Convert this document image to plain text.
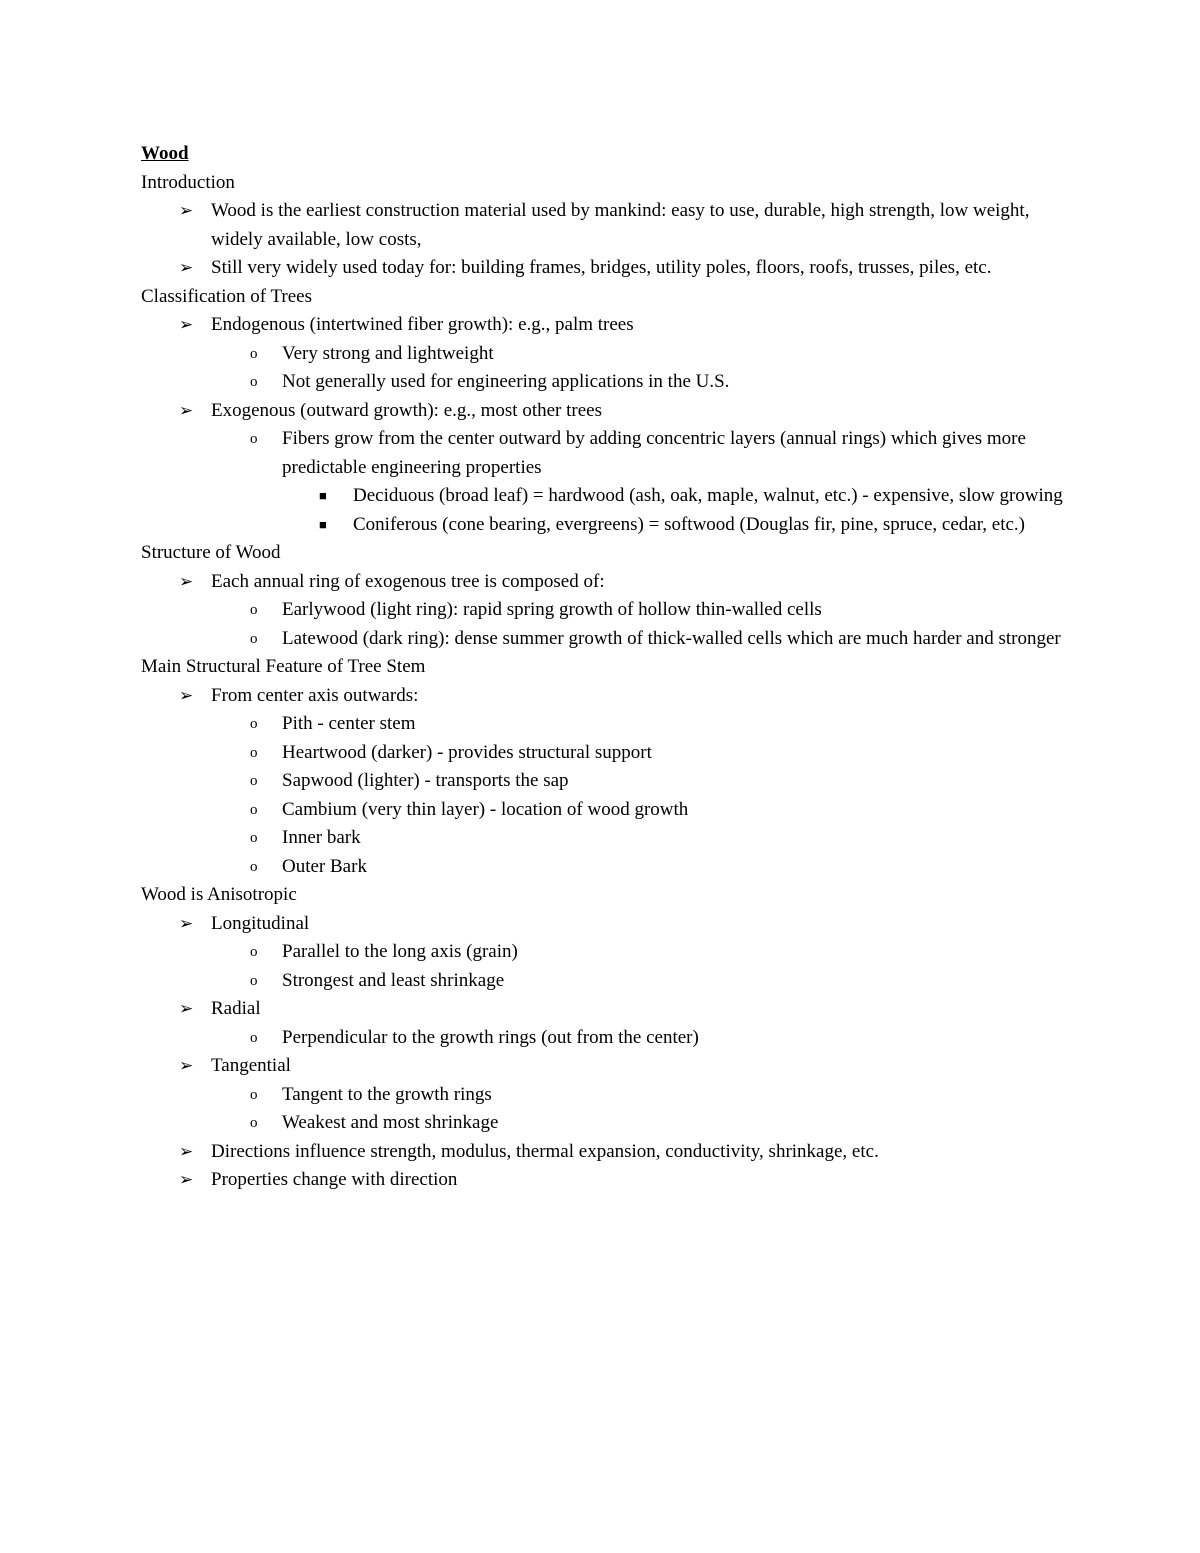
Wood
Introduction
➢ Wood is the earliest construction material used by mankind: easy to use, durable, high strength, low weight, widely available, low costs,
➢ Still very widely used today for: building frames, bridges, utility poles, floors, roofs, trusses, piles, etc.
Classification of Trees
➢ Endogenous (intertwined fiber growth): e.g., palm trees
o	Very strong and lightweight
o	Not generally used for engineering applications in the U.S.
➢ Exogenous (outward growth): e.g., most other trees
o	Fibers grow from the center outward by adding concentric layers (annual rings) which gives more predictable engineering properties
■	Deciduous (broad leaf) = hardwood (ash, oak, maple, walnut, etc.) - expensive, slow growing
■	Coniferous (cone bearing, evergreens) = softwood (Douglas fir, pine, spruce, cedar, etc.)
Structure of Wood
➢ Each annual ring of exogenous tree is composed of:
o	Earlywood (light ring): rapid spring growth of hollow thin-walled cells
o	Latewood (dark ring): dense summer growth of thick-walled cells which are much harder and stronger
Main Structural Feature of Tree Stem
➢ From center axis outwards:
o	Pith - center stem
o	Heartwood (darker) - provides structural support
o	Sapwood (lighter) - transports the sap
o	Cambium (very thin layer) - location of wood growth
o	Inner bark
o	Outer Bark
Wood is Anisotropic
➢ Longitudinal
o	Parallel to the long axis (grain)
o	Strongest and least shrinkage
➢ Radial
o	Perpendicular to the growth rings (out from the center)
➢ Tangential
o	Tangent to the growth rings
o	Weakest and most shrinkage
➢ Directions influence strength, modulus, thermal expansion, conductivity, shrinkage, etc.
➢ Properties change with direction
